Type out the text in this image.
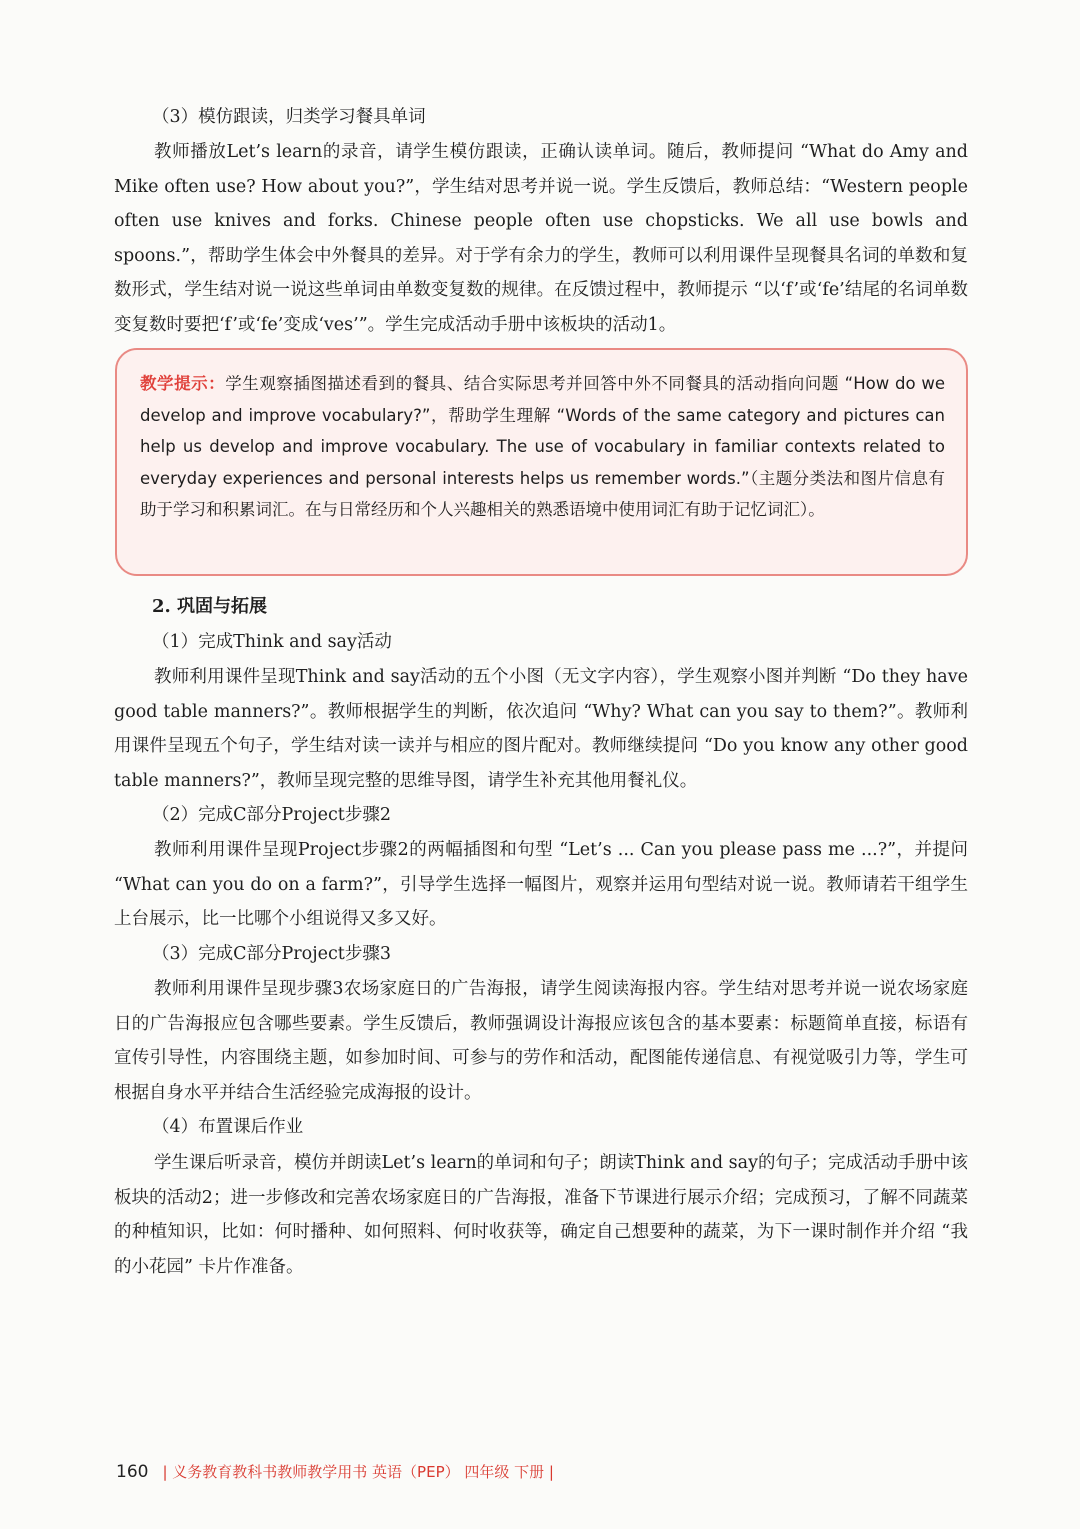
（3）模仿跟读，归类学习餐具单词

教师播放Let’s learn的录音，请学生模仿跟读，正确认读单词。随后，教师提问 “What do Amy and Mike often use? How about you?”，学生结对思考并说一说。学生反馈后，教师总结：“Western people often use knives and forks. Chinese people often use chopsticks. We all use bowls and spoons.”，帮助学生体会中外餐具的差异。对于学有余力的学生，教师可以利用课件呈现餐具名词的单数和复数形式，学生结对说一说这些单词由单数变复数的规律。在反馈过程中，教师提示 “以‘f’或‘fe’结尾的名词单数变复数时要把‘f’或‘fe’变成‘ves’”。学生完成活动手册中该板块的活动1。

教学提示：学生观察插图描述看到的餐具、结合实际思考并回答中外不同餐具的活动指向问题 “How do we develop and improve vocabulary?”，帮助学生理解 “Words of the same category and pictures can help us develop and improve vocabulary. The use of vocabulary in familiar contexts related to everyday experiences and personal interests helps us remember words.”（主题分类法和图片信息有助于学习和积累词汇。在与日常经历和个人兴趣相关的熟悉语境中使用词汇有助于记忆词汇）。

2. 巩固与拓展

（1）完成Think and say活动

教师利用课件呈现Think and say活动的五个小图（无文字内容），学生观察小图并判断 “Do they have good table manners?”。教师根据学生的判断，依次追问 “Why? What can you say to them?”。教师利用课件呈现五个句子，学生结对读一读并与相应的图片配对。教师继续提问 “Do you know any other good table manners?”，教师呈现完整的思维导图，请学生补充其他用餐礼仪。

（2）完成C部分Project步骤2

教师利用课件呈现Project步骤2的两幅插图和句型 “Let’s ... Can you please pass me ...?”，并提问 “What can you do on a farm?”，引导学生选择一幅图片，观察并运用句型结对说一说。教师请若干组学生上台展示，比一比哪个小组说得又多又好。

（3）完成C部分Project步骤3

教师利用课件呈现步骤3农场家庭日的广告海报，请学生阅读海报内容。学生结对思考并说一说农场家庭日的广告海报应包含哪些要素。学生反馈后，教师强调设计海报应该包含的基本要素：标题简单直接，标语有宣传引导性，内容围绕主题，如参加时间、可参与的劳作和活动，配图能传递信息、有视觉吸引力等，学生可根据自身水平并结合生活经验完成海报的设计。

（4）布置课后作业

学生课后听录音，模仿并朗读Let’s learn的单词和句子；朗读Think and say的句子；完成活动手册中该板块的活动2；进一步修改和完善农场家庭日的广告海报，准备下节课进行展示介绍；完成预习，了解不同蔬菜的种植知识，比如：何时播种、如何照料、何时收获等，确定自己想要种的蔬菜，为下一课时制作并介绍 “我的小花园” 卡片作准备。

160 | 义务教育教科书教师教学用书 英语（PEP） 四年级 下册 |
